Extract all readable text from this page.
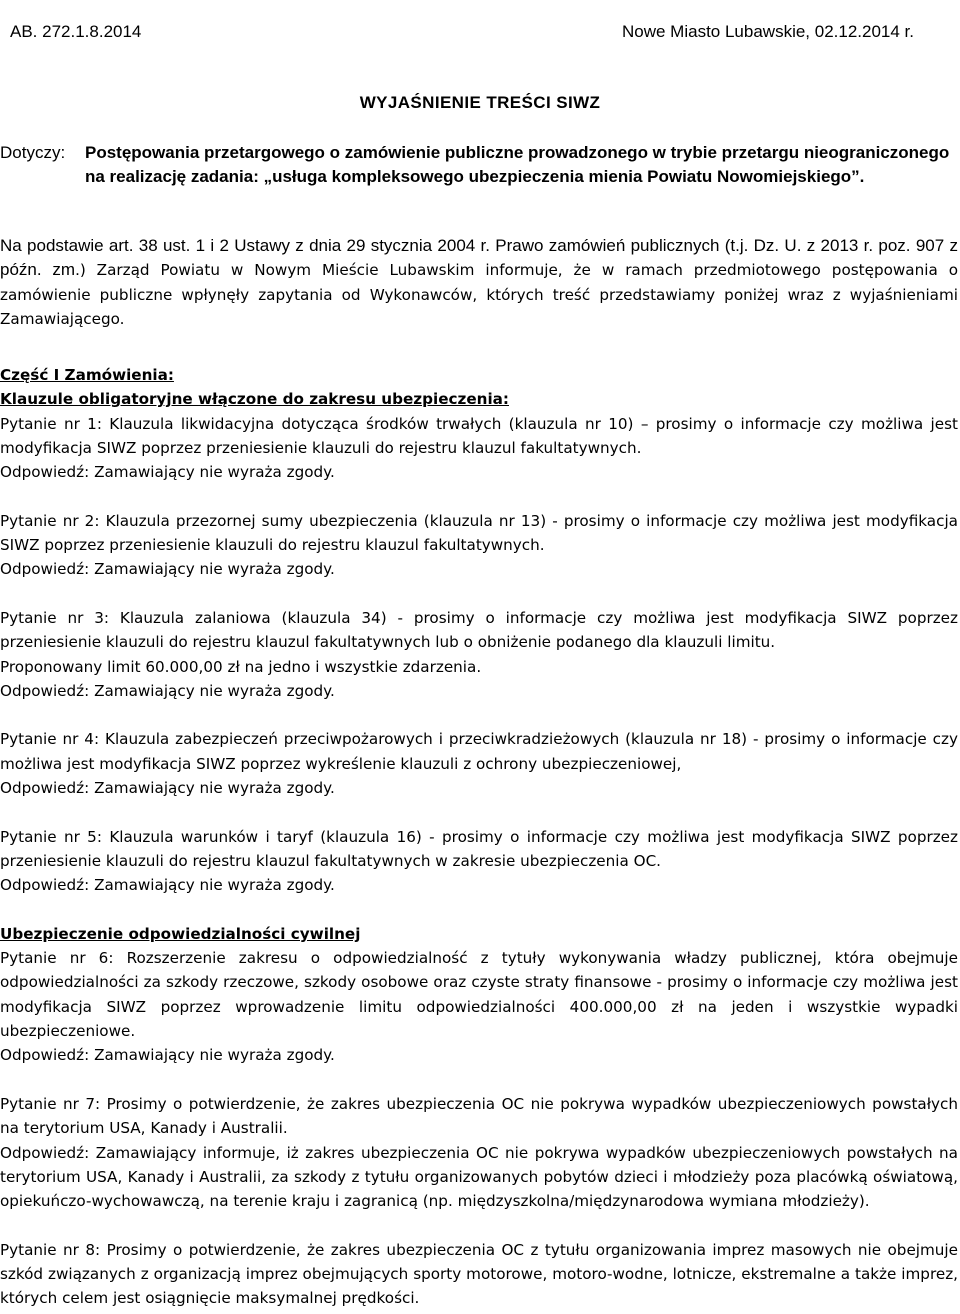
AB. 272.1.8.2014	Nowe Miasto Lubawskie, 02.12.2014 r.
WYJAŚNIENIE TREŚCI SIWZ
Dotyczy: Postępowania przetargowego o zamówienie publiczne prowadzonego w trybie przetargu nieograniczonego na realizację zadania: „usługa kompleksowego ubezpieczenia mienia Powiatu Nowomiejskiego”.
Na podstawie art. 38 ust. 1 i 2 Ustawy z dnia 29 stycznia 2004 r. Prawo zamówień publicznych (t.j. Dz. U. z 2013 r. poz. 907 z późn. zm.) Zarząd Powiatu w Nowym Mieście Lubawskim informuje, że w ramach przedmiotowego postępowania o zamówienie publiczne wpłynęły zapytania od Wykonawców, których treść przedstawiamy poniżej wraz z wyjaśnieniami Zamawiającego.

Część I Zamówienia:

Klauzule obligatoryjne włączone do zakresu ubezpieczenia:

Pytanie nr 1: Klauzula likwidacyjna dotycząca środków trwałych (klauzula nr 10) – prosimy o informacje czy możliwa jest modyfikacja SIWZ poprzez przeniesienie klauzuli do rejestru klauzul fakultatywnych.

Odpowiedź: Zamawiający nie wyraża zgody.

Pytanie nr 2: Klauzula przezornej sumy ubezpieczenia (klauzula nr 13) - prosimy o informacje czy możliwa jest modyfikacja SIWZ poprzez przeniesienie klauzuli do rejestru klauzul fakultatywnych.

Odpowiedź: Zamawiający nie wyraża zgody.

Pytanie nr 3: Klauzula zalaniowa (klauzula 34) - prosimy o informacje czy możliwa jest modyfikacja SIWZ poprzez przeniesienie klauzuli do rejestru klauzul fakultatywnych lub o obniżenie podanego dla klauzuli limitu.

Proponowany limit 60.000,00 zł na jedno i wszystkie zdarzenia.

Odpowiedź: Zamawiający nie wyraża zgody.

Pytanie nr 4: Klauzula zabezpieczeń przeciwpożarowych i przeciwkradzieżowych (klauzula nr 18) - prosimy o informacje czy możliwa jest modyfikacja SIWZ poprzez wykreślenie klauzuli z ochrony ubezpieczeniowej,

Odpowiedź: Zamawiający nie wyraża zgody.

Pytanie nr 5: Klauzula warunków i taryf (klauzula 16) - prosimy o informacje czy możliwa jest modyfikacja SIWZ poprzez przeniesienie klauzuli do rejestru klauzul fakultatywnych w zakresie ubezpieczenia OC.

Odpowiedź: Zamawiający nie wyraża zgody.

Ubezpieczenie odpowiedzialności cywilnej

Pytanie nr 6: Rozszerzenie zakresu o odpowiedzialność z tytuły wykonywania władzy publicznej, która obejmuje odpowiedzialności za szkody rzeczowe, szkody osobowe oraz czyste straty finansowe - prosimy o informacje czy możliwa jest modyfikacja SIWZ poprzez wprowadzenie limitu odpowiedzialności 400.000,00 zł na jeden i wszystkie wypadki ubezpieczeniowe.

Odpowiedź: Zamawiający nie wyraża zgody.

Pytanie nr 7: Prosimy o potwierdzenie, że zakres ubezpieczenia OC nie pokrywa wypadków ubezpieczeniowych powstałych na terytorium USA, Kanady i Australii.

Odpowiedź: Zamawiający informuje, iż zakres ubezpieczenia OC nie pokrywa wypadków ubezpieczeniowych powstałych na terytorium USA, Kanady i Australii, za szkody z tytułu organizowanych pobytów dzieci i młodzieży poza placówką oświatową, opiekuńczo-wychowawczą, na terenie kraju i zagranicą (np. międzyszkolna/międzynarodowa wymiana młodzieży).

Pytanie nr 8: Prosimy o potwierdzenie, że zakres ubezpieczenia OC z tytułu organizowania imprez masowych nie obejmuje szkód związanych z organizacją imprez obejmujących sporty motorowe, motoro-wodne, lotnicze, ekstremalne a także imprez, których celem jest osiągnięcie maksymalnej prędkości.
